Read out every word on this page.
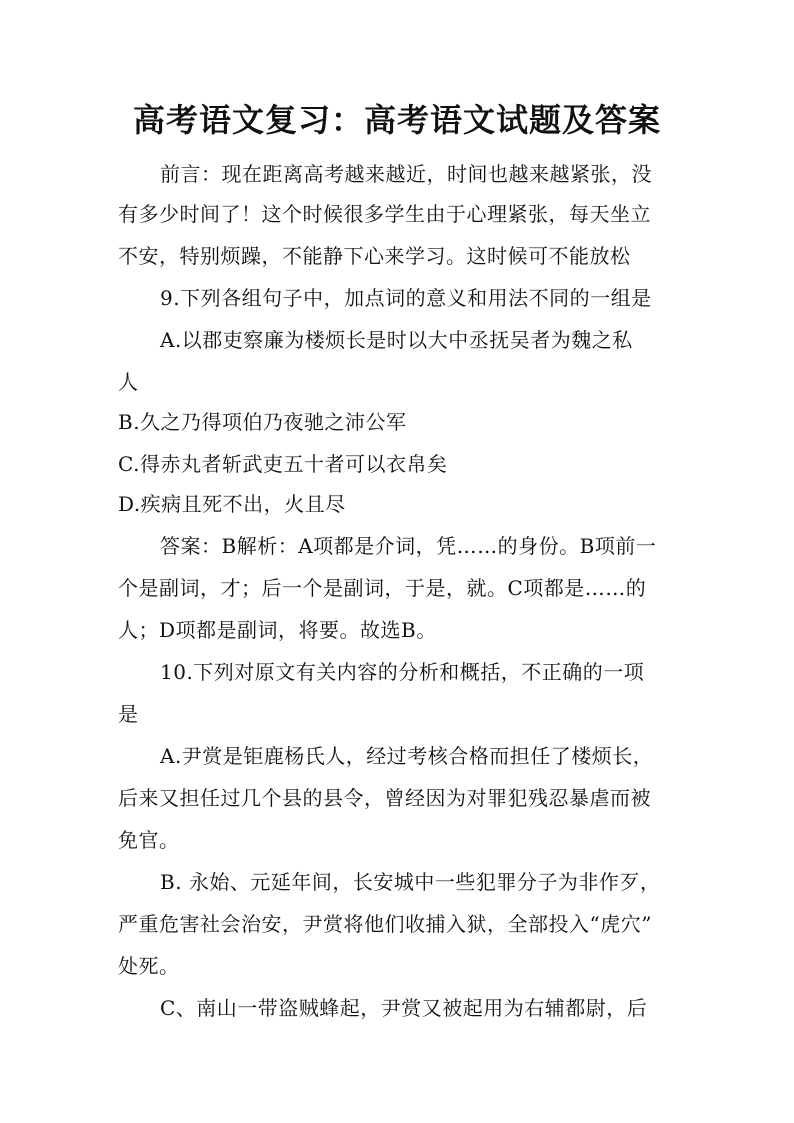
高考语文复习：高考语文试题及答案
前言：现在距离高考越来越近，时间也越来越紧张，没
有多少时间了！这个时候很多学生由于心理紧张，每天坐立
不安，特别烦躁，不能静下心来学习。这时候可不能放松
9.下列各组句子中，加点词的意义和用法不同的一组是
A.以郡吏察廉为楼烦长是时以大中丞抚吴者为魏之私
人
B.久之乃得项伯乃夜驰之沛公军
C.得赤丸者斩武吏五十者可以衣帛矣
D.疾病且死不出，火且尽
答案：B解析：A项都是介词，凭……的身份。B项前一
个是副词，才；后一个是副词，于是，就。C项都是……的
人；D项都是副词，将要。故选B。
10.下列对原文有关内容的分析和概括，不正确的一项
是
A.尹赏是钜鹿杨氏人，经过考核合格而担任了楼烦长，
后来又担任过几个县的县令，曾经因为对罪犯残忍暴虐而被
免官。
B. 永始、元延年间，长安城中一些犯罪分子为非作歹，
严重危害社会治安，尹赏将他们收捕入狱，全部投入“虎穴”
处死。
C、南山一带盗贼蜂起，尹赏又被起用为右辅都尉，后
